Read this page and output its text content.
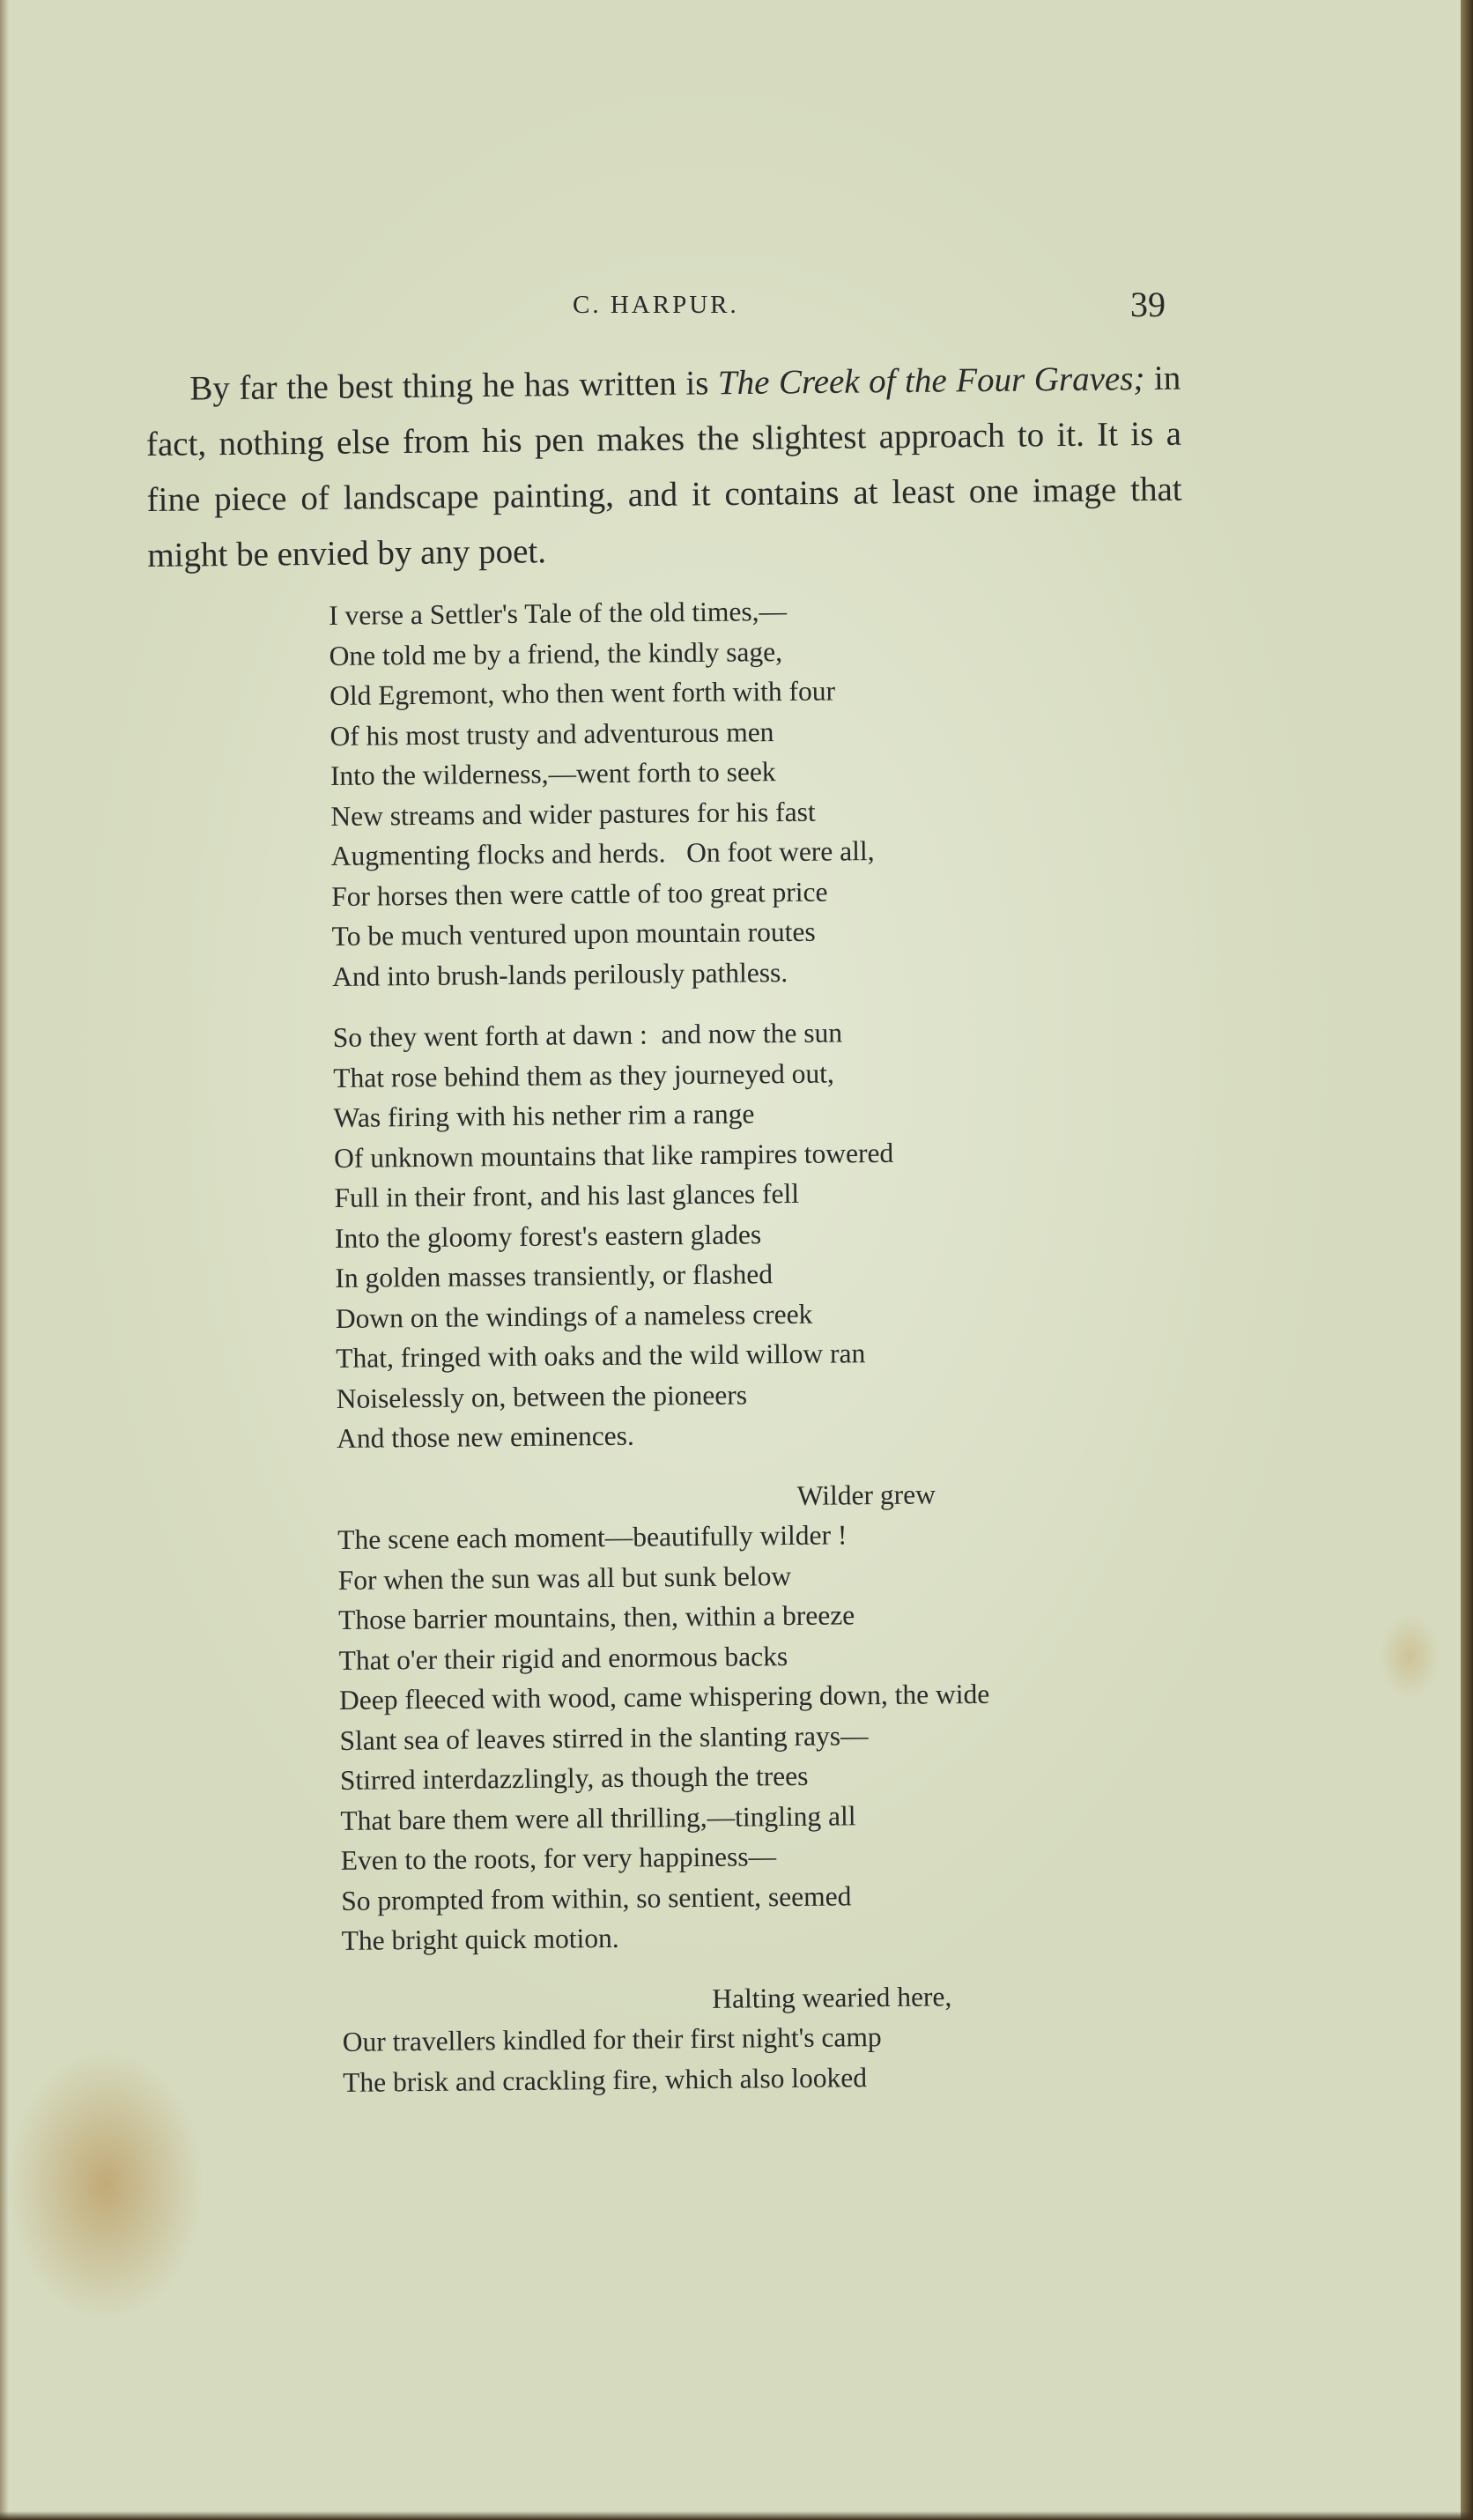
C. HARPUR.	39

By far the best thing he has written is The Creek of the Four Graves; in fact, nothing else from his pen makes the slightest approach to it. It is a fine piece of landscape painting, and it contains at least one image that might be envied by any poet.

I verse a Settler's Tale of the old times,—
One told me by a friend, the kindly sage,
Old Egremont, who then went forth with four
Of his most trusty and adventurous men
Into the wilderness,—went forth to seek
New streams and wider pastures for his fast
Augmenting flocks and herds.   On foot were all,
For horses then were cattle of too great price
To be much ventured upon mountain routes
And into brush-lands perilously pathless.
So they went forth at dawn :  and now the sun
That rose behind them as they journeyed out,
Was firing with his nether rim a range
Of unknown mountains that like rampires towered
Full in their front, and his last glances fell
Into the gloomy forest's eastern glades
In golden masses transiently, or flashed
Down on the windings of a nameless creek
That, fringed with oaks and the wild willow ran
Noiselessly on, between the pioneers
And those new eminences.
Wilder grew
The scene each moment—beautifully wilder !
For when the sun was all but sunk below
Those barrier mountains, then, within a breeze
That o'er their rigid and enormous backs
Deep fleeced with wood, came whispering down, the wide
Slant sea of leaves stirred in the slanting rays—
Stirred interdazzlingly, as though the trees
That bare them were all thrilling,—tingling all
Even to the roots, for very happiness—
So prompted from within, so sentient, seemed
The bright quick motion.
Halting wearied here,
Our travellers kindled for their first night's camp
The brisk and crackling fire, which also looked
